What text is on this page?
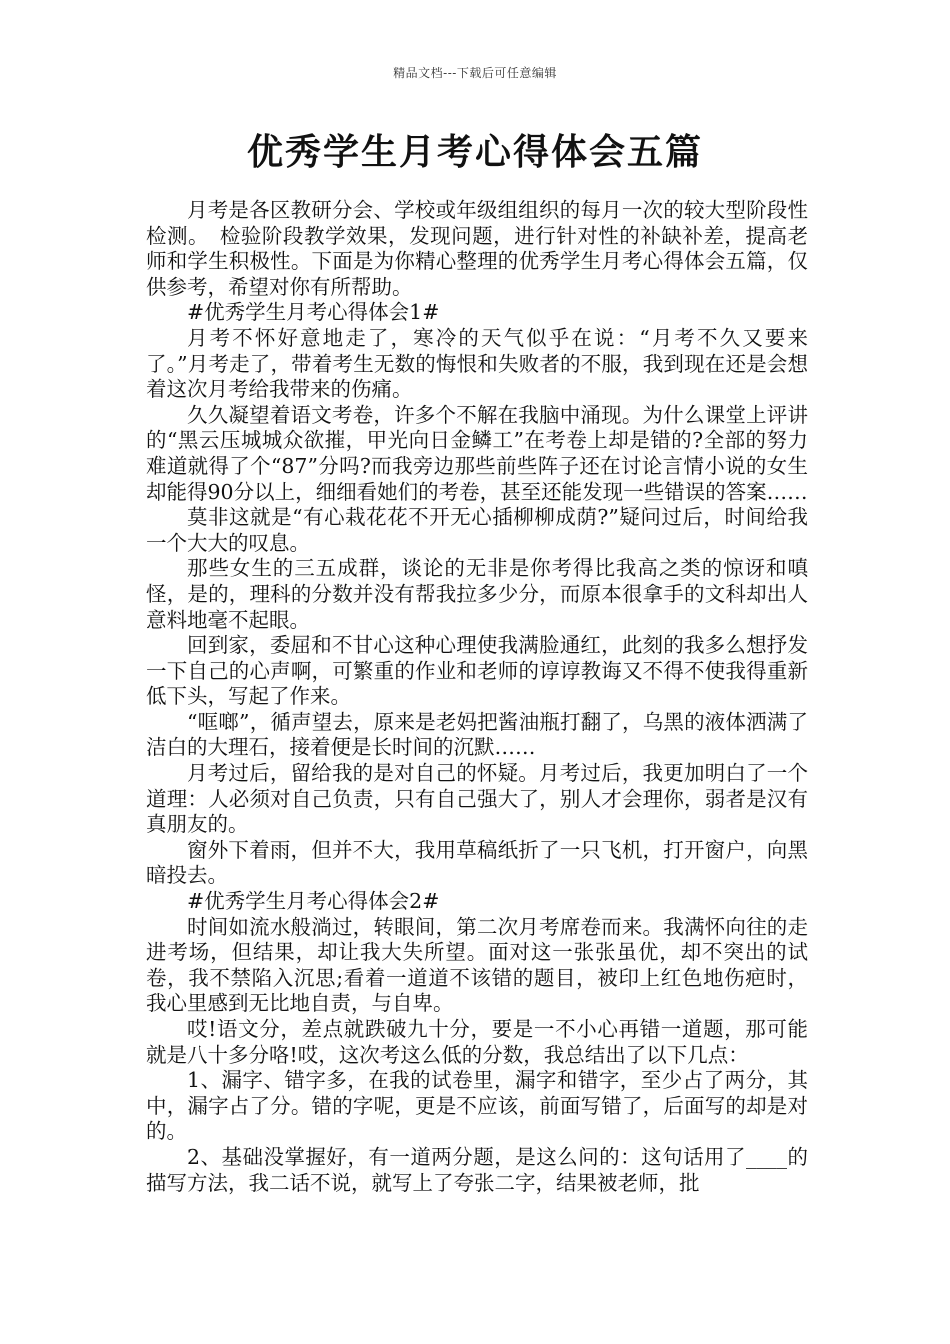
精品文档---下载后可任意编辑
优秀学生月考心得体会五篇

月考是各区教研分会、学校或年级组组织的每月一次的较大型阶段性检测。　检验阶段教学效果，发现问题，进行针对性的补缺补差，提高老师和学生积极性。下面是为你精心整理的优秀学生月考心得体会五篇，仅供参考，希望对你有所帮助。

#优秀学生月考心得体会1#

月考不怀好意地走了，寒冷的天气似乎在说：“月考不久又要来了。”月考走了，带着考生无数的悔恨和失败者的不服，我到现在还是会想着这次月考给我带来的伤痛。

久久凝望着语文考卷，许多个不解在我脑中涌现。为什么课堂上评讲的“黑云压城城众欲摧，甲光向日金鳞工”在考卷上却是错的?全部的努力难道就得了个“87”分吗?而我旁边那些前些阵子还在讨论言情小说的女生却能得90分以上，细细看她们的考卷，甚至还能发现一些错误的答案……

莫非这就是“有心栽花花不开无心插柳柳成荫?”疑问过后，时间给我一个大大的叹息。

那些女生的三五成群，谈论的无非是你考得比我高之类的惊讶和嗔怪，是的，理科的分数并没有帮我拉多少分，而原本很拿手的文科却出人意料地毫不起眼。

回到家，委屈和不甘心这种心理使我满脸通红，此刻的我多么想抒发一下自己的心声啊，可繁重的作业和老师的谆谆教诲又不得不使我得重新低下头，写起了作来。

“哐啷”，循声望去，原来是老妈把酱油瓶打翻了，乌黑的液体洒满了洁白的大理石，接着便是长时间的沉默……

月考过后，留给我的是对自己的怀疑。月考过后，我更加明白了一个道理：人必须对自己负责，只有自己强大了，别人才会理你，弱者是汉有真朋友的。

窗外下着雨，但并不大，我用草稿纸折了一只飞机，打开窗户，向黑暗投去。

#优秀学生月考心得体会2#

时间如流水般淌过，转眼间，第二次月考席卷而来。我满怀向往的走进考场，但结果，却让我大失所望。面对这一张张虽优，却不突出的试卷，我不禁陷入沉思;看着一道道不该错的题目，被印上红色地伤疤时，我心里感到无比地自责，与自卑。

哎!语文分，差点就跌破九十分，要是一不小心再错一道题，那可能就是八十多分咯!哎，这次考这么低的分数，我总结出了以下几点：

1、漏字、错字多，在我的试卷里，漏字和错字，至少占了两分，其中，漏字占了分。错的字呢，更是不应该，前面写错了，后面写的却是对的。

2、基础没掌握好，有一道两分题，是这么问的：这句话用了____的描写方法，我二话不说，就写上了夸张二字，结果被老师，批
